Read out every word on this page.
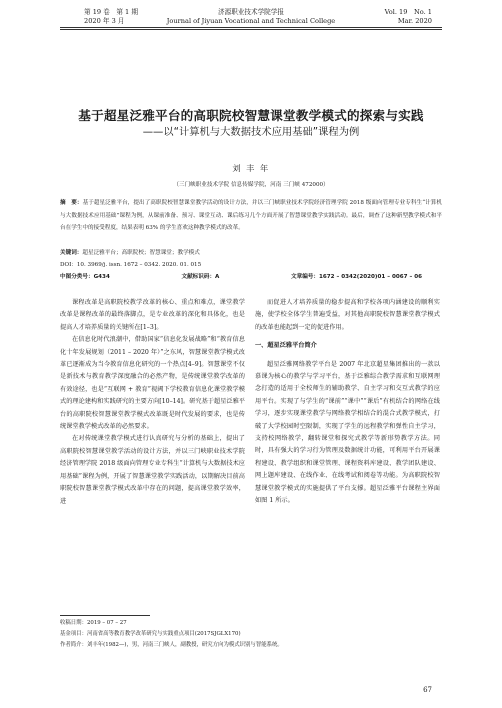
第 19 卷　第 1 期
2020 年 3 月
济源职业技术学院学报
Journal of Jiyuan Vocational and Technical College
Vol. 19　No. 1
Mar. 2020
基于超星泛雅平台的高职院校智慧课堂教学模式的探索与实践
——以“计算机与大数据技术应用基础”课程为例
刘 丰 年
（三门峡职业技术学院 信息传媒学院，河南 三门峡 472000）
摘　要：基于超星泛雅平台，提出了高职院校智慧课堂教学活动的设计方法，并以三门峡职业技术学院经济管理学院 2018 级面向管理专业专科生“计算机与大数据技术应用基础”课程为例，从课前准备、预习、课堂互动、课后练习几个方面开展了智慧课堂教学实践活动。最后，调查了这种新型教学模式和平台在学生中的接受程度，结果表明 63% 的学生喜欢这种教学模式的改革。
关键词：超星泛雅平台；高职院校；智慧课堂；教学模式
DOI：10. 3969/j. issn. 1672 – 0342. 2020. 01. 015
中图分类号：G434	文献标识码：A	文章编号：1672 – 0342(2020)01 – 0067 – 06

课程改革是高职院校教学改革的核心、重点和难点，课堂教学改革是课程改革的最终落脚点，是专业改革的深化和具体化，也是提高人才培养质量的关键所在[1–3]。

在信息化时代浪潮中，借助国家“信息化发展战略”和“教育信息化十年发展规划（2011 – 2020 年）”之东风，智慧课堂教学模式改革已逐渐成为当今教育信息化研究的一个热点[4–9]。智慧课堂不仅是新技术与教育教学深度融合的必然产物，是传统课堂教学改革的有效途径，也是“互联网 + 教育”视阈下学校教育信息化课堂教学模式的理论建构和实践研究的主要方向[10–14]。研究基于超星泛雅平台的高职院校智慧课堂教学模式改革既是时代发展的要求，也是传统课堂教学模式改革的必然要求。

在对传统课堂教学模式进行认真研究与分析的基础上，提出了高职院校智慧课堂教学活动的设计方法，并以三门峡职业技术学院经济管理学院 2018 级面向管理专业专科生“计算机与大数据技术应用基础”课程为例，开展了智慧课堂教学实践活动，以期解决目前高职院校智慧课堂教学模式改革中存在的问题，提高课堂教学效率，进

而促进人才培养质量的稳步提高和学校各项内涵建设的顺利实施，使学校全体学生普遍受益，对其他高职院校智慧课堂教学模式的改革也能起到一定的促进作用。

一、超星泛雅平台简介

超星泛雅网络教学平台是 2007 年北京超星集团推出的一款以慕课为核心的教学与学习平台，基于泛雅综合教学需求和互联网理念打造的适用于全校师生的辅助教学、自主学习和交互式教学的应用平台。实现了与学生的“课前”“课中”“课后”有机结合的网络在线学习，逐步实现课堂教学与网络教学相结合的混合式教学模式，打破了大学校园时空限制，实现了学生的远程教学和弹性自主学习，支持校网络教学，翻转课堂和探究式教学等新形势教学方法。同时，具有强大的学习行为管理及数据统计功能，可利用平台开展课程建设、教学组织和课堂管理、课程资料库建设、教学团队建设、网上题库建设、在线作业、在线考试和阅卷等功能。为高职院校智慧课堂教学模式的实施提供了平台支撑。超星泛雅平台课程主界面如图 1 所示。

收稿日期：2019 – 07 – 27
基金项目：河南省高等教育教学改革研究与实践重点项目(2017SJGLX170)
作者简介：刘丰年(1982—)，男，河南三门峡人，副教授，研究方向为模式识别与智能系统。
67
